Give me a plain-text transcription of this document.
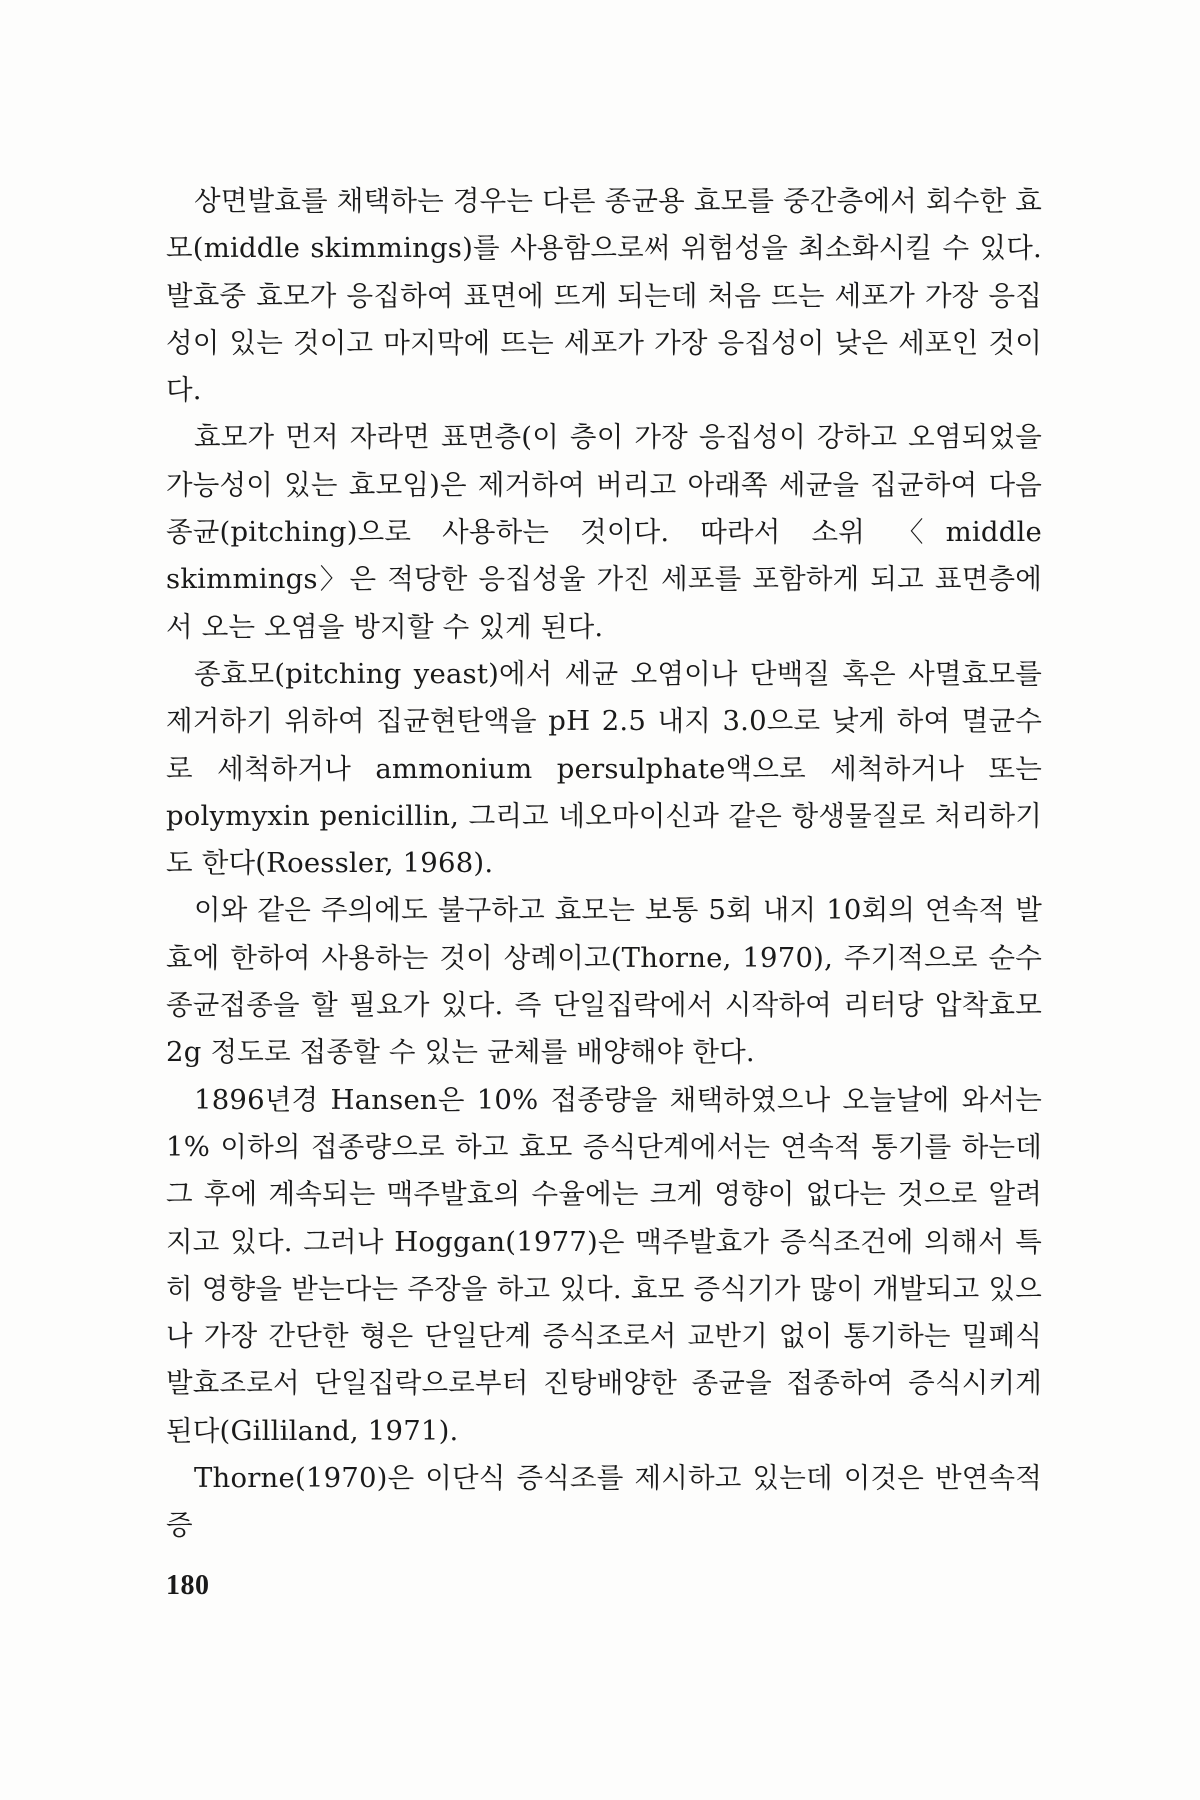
상면발효를 채택하는 경우는 다른 종균용 효모를 중간층에서 회수한 효모(middle skimmings)를 사용함으로써 위험성을 최소화시킬 수 있다. 발효중 효모가 응집하여 표면에 뜨게 되는데 처음 뜨는 세포가 가장 응집성이 있는 것이고 마지막에 뜨는 세포가 가장 응집성이 낮은 세포인 것이다.

효모가 먼저 자라면 표면층(이 층이 가장 응집성이 강하고 오염되었을 가능성이 있는 효모임)은 제거하여 버리고 아래쪽 세균을 집균하여 다음 종균(pitching)으로 사용하는 것이다. 따라서 소위 〈middle skimmings〉은 적당한 응집성울 가진 세포를 포함하게 되고 표면층에서 오는 오염을 방지할 수 있게 된다.

종효모(pitching yeast)에서 세균 오염이나 단백질 혹은 사멸효모를 제거하기 위하여 집균현탄액을 pH 2.5 내지 3.0으로 낮게 하여 멸균수로 세척하거나 ammonium persulphate액으로 세척하거나 또는 polymyxin penicillin, 그리고 네오마이신과 같은 항생물질로 처리하기도 한다(Roessler, 1968).

이와 같은 주의에도 불구하고 효모는 보통 5회 내지 10회의 연속적 발효에 한하여 사용하는 것이 상례이고(Thorne, 1970), 주기적으로 순수 종균접종을 할 필요가 있다. 즉 단일집락에서 시작하여 리터당 압착효모 2g 정도로 접종할 수 있는 균체를 배양해야 한다.

1896년경 Hansen은 10% 접종량을 채택하였으나 오늘날에 와서는 1% 이하의 접종량으로 하고 효모 증식단계에서는 연속적 통기를 하는데 그 후에 계속되는 맥주발효의 수율에는 크게 영향이 없다는 것으로 알려지고 있다. 그러나 Hoggan(1977)은 맥주발효가 증식조건에 의해서 특히 영향을 받는다는 주장을 하고 있다. 효모 증식기가 많이 개발되고 있으나 가장 간단한 형은 단일단계 증식조로서 교반기 없이 통기하는 밀폐식 발효조로서 단일집락으로부터 진탕배양한 종균을 접종하여 증식시키게 된다(Gilliland, 1971).

Thorne(1970)은 이단식 증식조를 제시하고 있는데 이것은 반연속적 증

180
